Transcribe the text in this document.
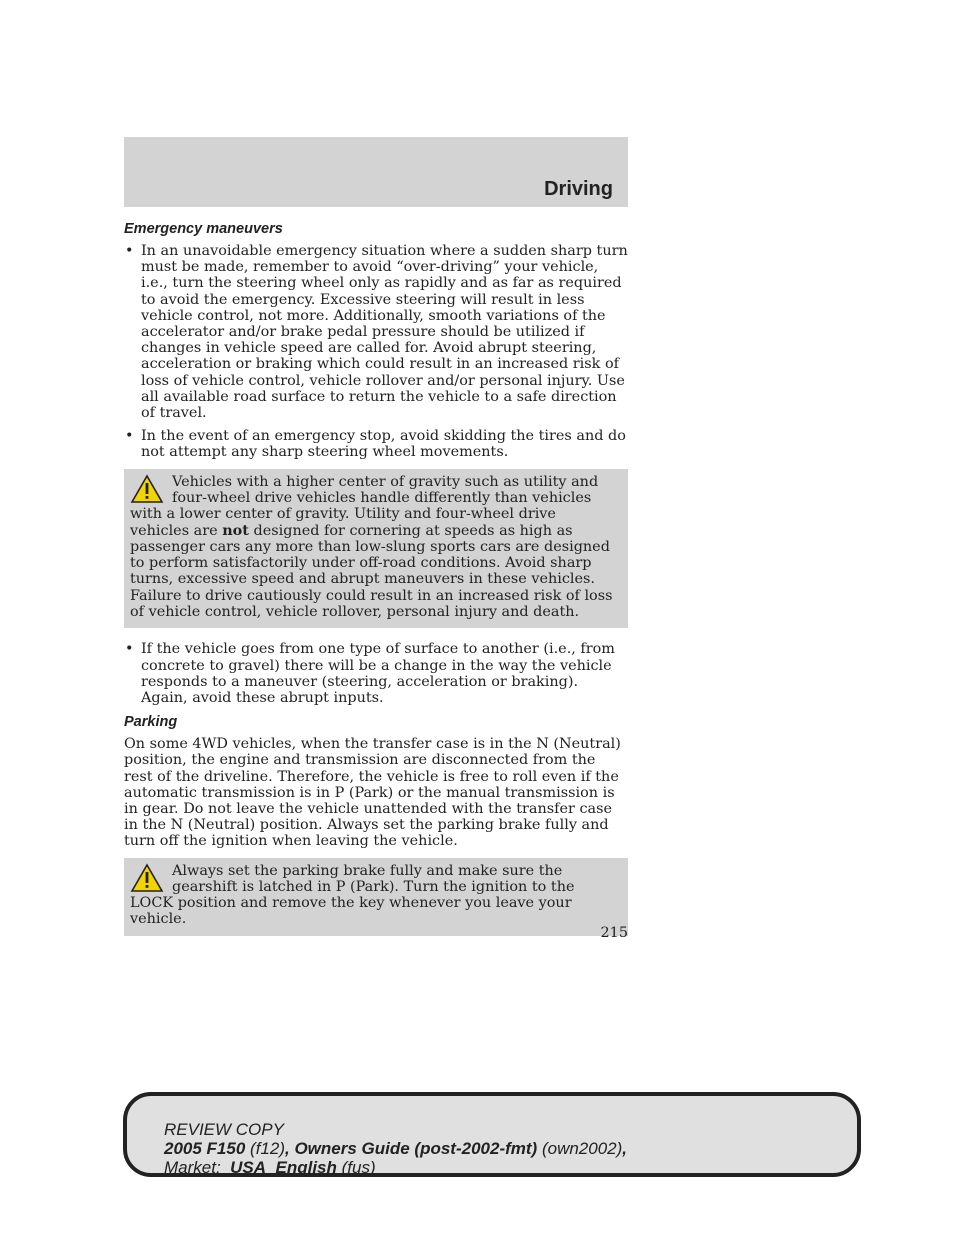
Driving
Emergency maneuvers
• In an unavoidable emergency situation where a sudden sharp turn must be made, remember to avoid “over-driving” your vehicle, i.e., turn the steering wheel only as rapidly and as far as required to avoid the emergency. Excessive steering will result in less vehicle control, not more. Additionally, smooth variations of the accelerator and/or brake pedal pressure should be utilized if changes in vehicle speed are called for. Avoid abrupt steering, acceleration or braking which could result in an increased risk of loss of vehicle control, vehicle rollover and/or personal injury. Use all available road surface to return the vehicle to a safe direction of travel.
• In the event of an emergency stop, avoid skidding the tires and do not attempt any sharp steering wheel movements.
Vehicles with a higher center of gravity such as utility and four-wheel drive vehicles handle differently than vehicles with a lower center of gravity. Utility and four-wheel drive vehicles are not designed for cornering at speeds as high as passenger cars any more than low-slung sports cars are designed to perform satisfactorily under off-road conditions. Avoid sharp turns, excessive speed and abrupt maneuvers in these vehicles. Failure to drive cautiously could result in an increased risk of loss of vehicle control, vehicle rollover, personal injury and death.
• If the vehicle goes from one type of surface to another (i.e., from concrete to gravel) there will be a change in the way the vehicle responds to a maneuver (steering, acceleration or braking). Again, avoid these abrupt inputs.
Parking

On some 4WD vehicles, when the transfer case is in the N (Neutral) position, the engine and transmission are disconnected from the rest of the driveline. Therefore, the vehicle is free to roll even if the automatic transmission is in P (Park) or the manual transmission is in gear. Do not leave the vehicle unattended with the transfer case in the N (Neutral) position. Always set the parking brake fully and turn off the ignition when leaving the vehicle.

Always set the parking brake fully and make sure the gearshift is latched in P (Park). Turn the ignition to the LOCK position and remove the key whenever you leave your vehicle.
215
REVIEW COPY
2005 F150 (f12), Owners Guide (post-2002-fmt) (own2002),
Market: USA_English (fus)
